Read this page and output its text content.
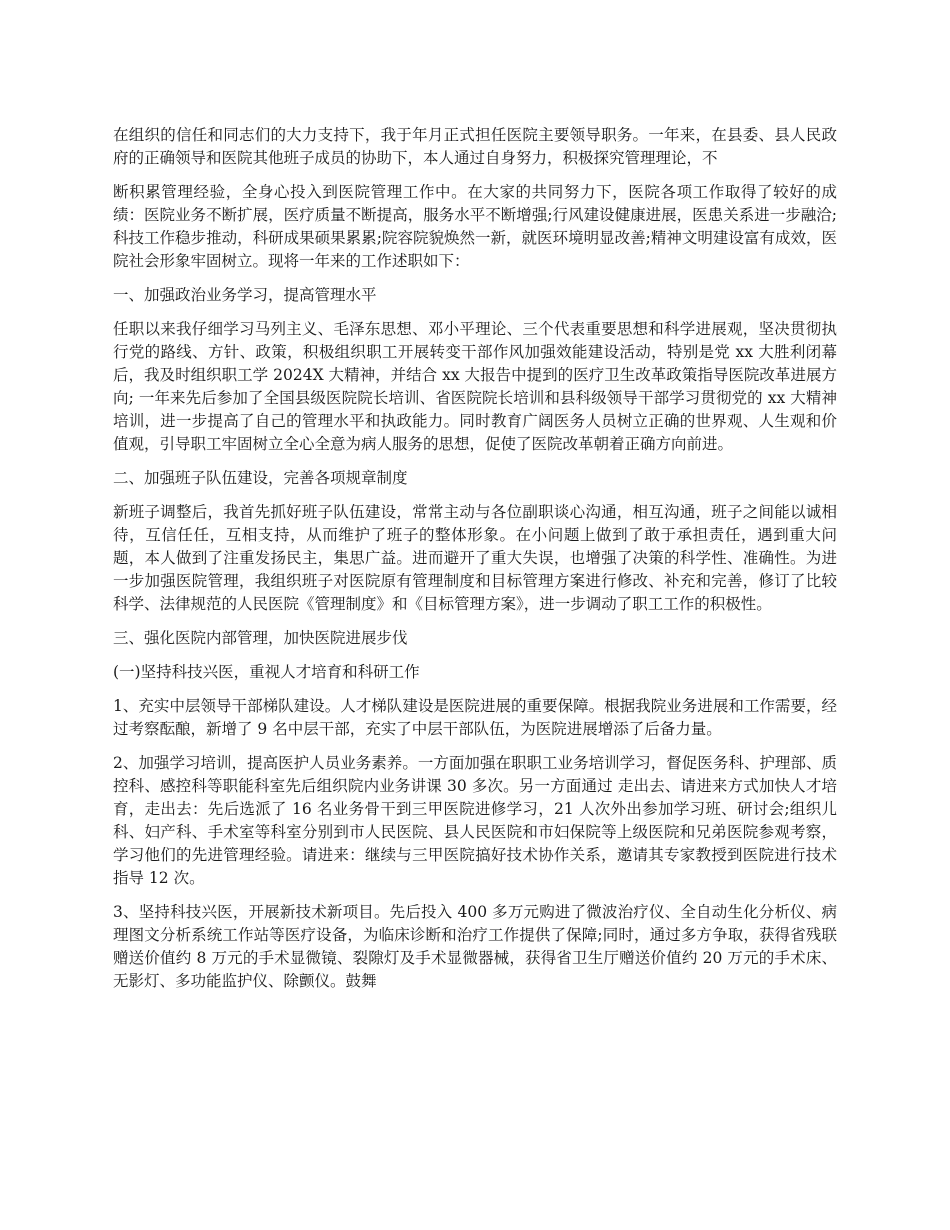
在组织的信任和同志们的大力支持下，我于年月正式担任医院主要领导职务。一年来，在县委、县人民政府的正确领导和医院其他班子成员的协助下，本人通过自身努力，积极探究管理理论，不

断积累管理经验，全身心投入到医院管理工作中。在大家的共同努力下，医院各项工作取得了较好的成绩：医院业务不断扩展，医疗质量不断提高，服务水平不断增强;行风建设健康进展，医患关系进一步融洽;科技工作稳步推动，科研成果硕果累累;院容院貌焕然一新，就医环境明显改善;精神文明建设富有成效，医院社会形象牢固树立。现将一年来的工作述职如下：

一、加强政治业务学习，提高管理水平

任职以来我仔细学习马列主义、毛泽东思想、邓小平理论、三个代表重要思想和科学进展观，坚决贯彻执行党的路线、方针、政策，积极组织职工开展转变干部作风加强效能建设活动，特别是党 xx 大胜利闭幕后，我及时组织职工学 2024X 大精神，并结合 xx 大报告中提到的医疗卫生改革政策指导医院改革进展方向; 一年来先后参加了全国县级医院院长培训、省医院院长培训和县科级领导干部学习贯彻党的 xx 大精神培训，进一步提高了自己的管理水平和执政能力。同时教育广阔医务人员树立正确的世界观、人生观和价值观，引导职工牢固树立全心全意为病人服务的思想，促使了医院改革朝着正确方向前进。

二、加强班子队伍建设，完善各项规章制度

新班子调整后，我首先抓好班子队伍建设，常常主动与各位副职谈心沟通，相互沟通，班子之间能以诚相待，互信任任，互相支持，从而维护了班子的整体形象。在小问题上做到了敢于承担责任，遇到重大问题，本人做到了注重发扬民主，集思广益。进而避开了重大失误，也增强了决策的科学性、准确性。为进一步加强医院管理，我组织班子对医院原有管理制度和目标管理方案进行修改、补充和完善，修订了比较科学、法律规范的人民医院《管理制度》和《目标管理方案》，进一步调动了职工工作的积极性。

三、强化医院内部管理，加快医院进展步伐

(一)坚持科技兴医，重视人才培育和科研工作

1、充实中层领导干部梯队建设。人才梯队建设是医院进展的重要保障。根据我院业务进展和工作需要，经过考察酝酿，新增了 9 名中层干部，充实了中层干部队伍，为医院进展增添了后备力量。

2、加强学习培训，提高医护人员业务素养。一方面加强在职职工业务培训学习，督促医务科、护理部、质控科、感控科等职能科室先后组织院内业务讲课 30 多次。另一方面通过 走出去、请进来方式加快人才培育，走出去：先后选派了 16 名业务骨干到三甲医院进修学习，21 人次外出参加学习班、研讨会;组织儿科、妇产科、手术室等科室分别到市人民医院、县人民医院和市妇保院等上级医院和兄弟医院参观考察，学习他们的先进管理经验。请进来：继续与三甲医院搞好技术协作关系，邀请其专家教授到医院进行技术指导 12 次。

3、坚持科技兴医，开展新技术新项目。先后投入 400 多万元购进了微波治疗仪、全自动生化分析仪、病理图文分析系统工作站等医疗设备，为临床诊断和治疗工作提供了保障;同时，通过多方争取，获得省残联赠送价值约 8 万元的手术显微镜、裂隙灯及手术显微器械，获得省卫生厅赠送价值约 20 万元的手术床、无影灯、多功能监护仪、除颤仪。鼓舞
